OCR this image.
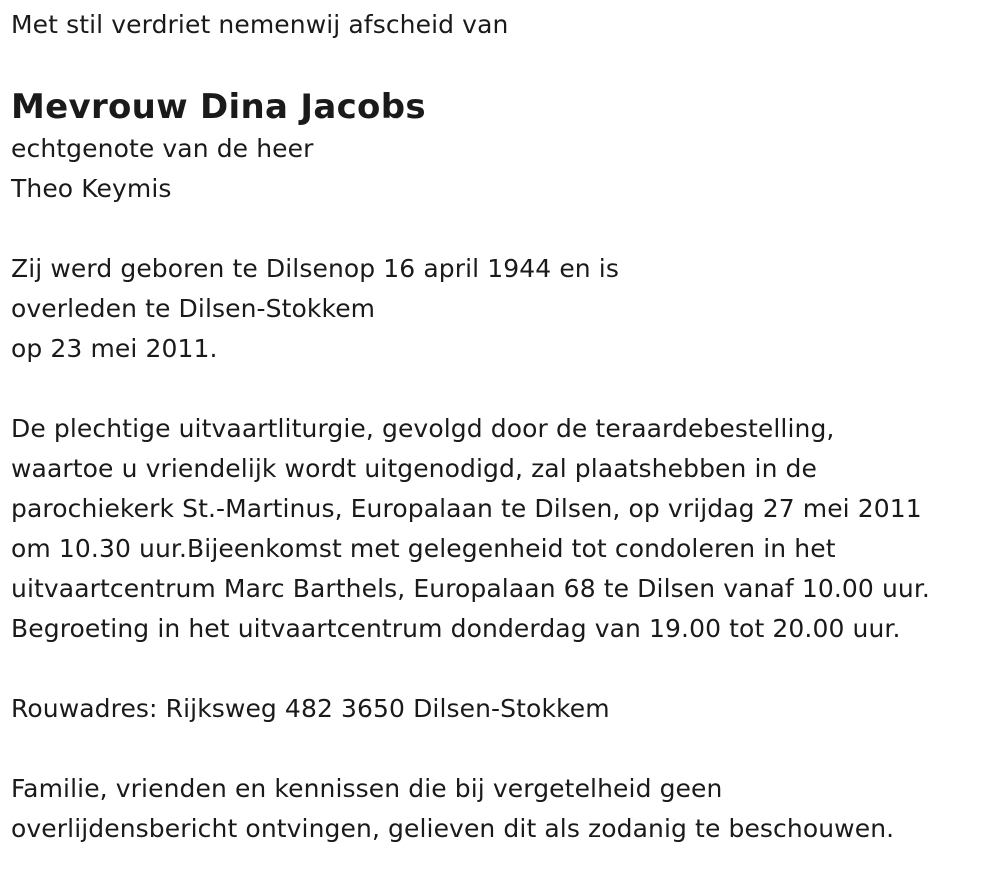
Met stil verdriet nemenwij afscheid van
Mevrouw Dina Jacobs
echtgenote van de heer
Theo Keymis
Zij werd geboren te Dilsenop 16 april 1944 en is
overleden te Dilsen-Stokkem
op 23 mei 2011.
De plechtige uitvaartliturgie, gevolgd door de teraardebestelling,
waartoe u vriendelijk wordt uitgenodigd, zal plaatshebben in de
parochiekerk St.-Martinus, Europalaan te Dilsen, op vrijdag 27 mei 2011
om 10.30 uur.Bijeenkomst met gelegenheid tot condoleren in het
uitvaartcentrum Marc Barthels, Europalaan 68 te Dilsen vanaf 10.00 uur.
Begroeting in het uitvaartcentrum donderdag van 19.00 tot 20.00 uur.
Rouwadres: Rijksweg 482 3650 Dilsen-Stokkem
Familie, vrienden en kennissen die bij vergetelheid geen
overlijdensbericht ontvingen, gelieven dit als zodanig te beschouwen.
